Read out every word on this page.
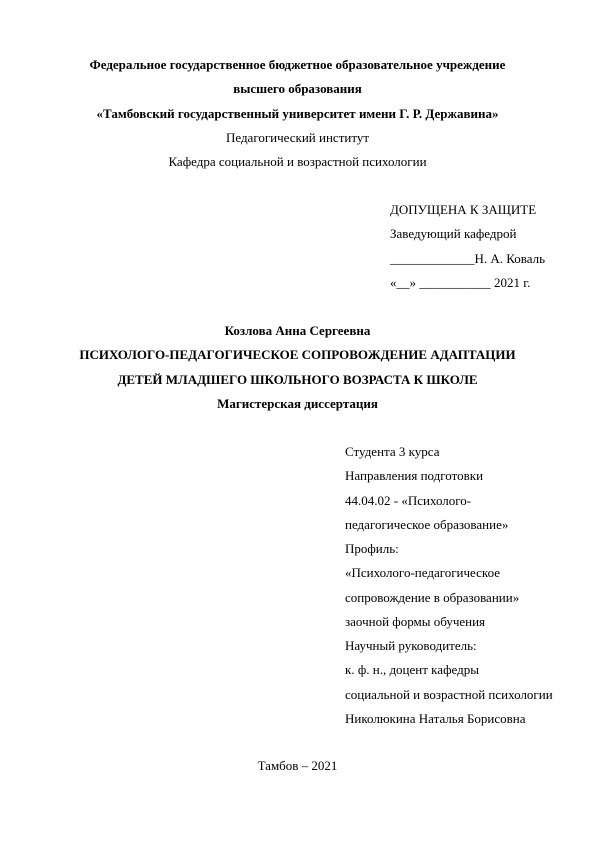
Федеральное государственное бюджетное образовательное учреждение
высшего образования
«Тамбовский государственный университет имени Г. Р. Державина»
Педагогический институт
Кафедра социальной и возрастной психологии
ДОПУЩЕНА К ЗАЩИТЕ
Заведующий кафедрой
_____________Н. А. Коваль
«__» ___________ 2021 г.
Козлова Анна Сергеевна
ПСИХОЛОГО-ПЕДАГОГИЧЕСКОЕ СОПРОВОЖДЕНИЕ АДАПТАЦИИ
ДЕТЕЙ МЛАДШЕГО ШКОЛЬНОГО ВОЗРАСТА К ШКОЛЕ
Магистерская диссертация
Студента 3 курса
Направления подготовки
44.04.02 - «Психолого-
педагогическое образование»
Профиль:
«Психолого-педагогическое
сопровождение в образовании»
заочной формы обучения
Научный руководитель:
к. ф. н., доцент кафедры
социальной и возрастной психологии
Николюкина Наталья Борисовна
Тамбов – 2021
